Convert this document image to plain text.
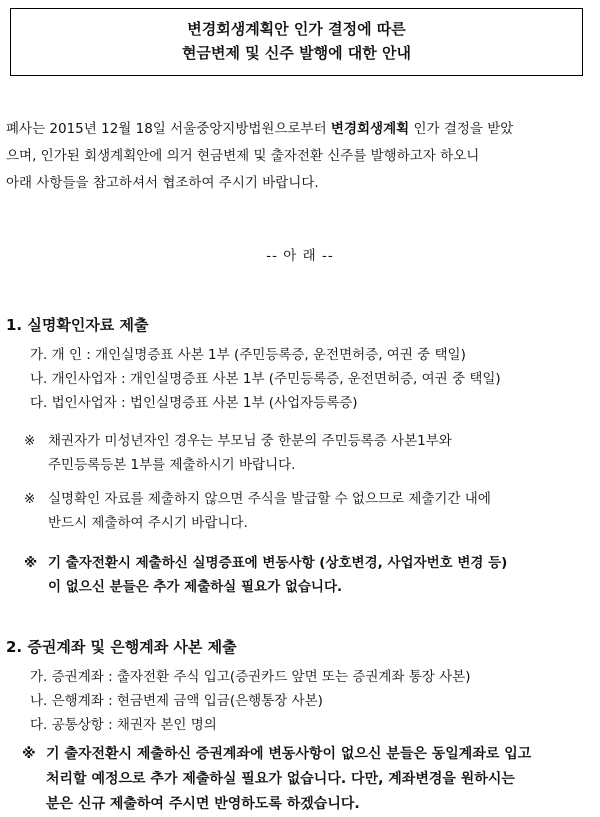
변경회생계획안 인가 결정에 따른
현금변제 및 신주 발행에 대한 안내
폐사는 2015년 12월 18일 서울중앙지방법원으로부터 변경회생계획 인가 결정을 받았
으며, 인가된 회생계획안에 의거 현금변제 및 출자전환 신주를 발행하고자 하오니
아래 사항들을 참고하셔서 협조하여 주시기 바랍니다.
-- 아 래 --
1. 실명확인자료 제출
가. 개 인 : 개인실명증표 사본 1부 (주민등록증, 운전면허증, 여권 중 택일)
나. 개인사업자 : 개인실명증표 사본 1부 (주민등록증, 운전면허증, 여권 중 택일)
다. 법인사업자 : 법인실명증표 사본 1부 (사업자등록증)
※ 채권자가 미성년자인 경우는 부모님 중 한분의 주민등록증 사본1부와
주민등록등본 1부를 제출하시기 바랍니다.
※ 실명확인 자료를 제출하지 않으면 주식을 발급할 수 없으므로 제출기간 내에
반드시 제출하여 주시기 바랍니다.
※ 기 출자전환시 제출하신 실명증표에 변동사항 (상호변경, 사업자번호 변경 등)
이 없으신 분들은 추가 제출하실 필요가 없습니다.
2. 증권계좌 및 은행계좌 사본 제출
가. 증권계좌 : 출자전환 주식 입고(증권카드 앞면 또는 증권계좌 통장 사본)
나. 은행계좌 : 현금변제 금액 입금(은행통장 사본)
다. 공통상항 : 채권자 본인 명의
※ 기 출자전환시 제출하신 증권계좌에 변동사항이 없으신 분들은 동일계좌로 입고
처리할 예정으로 추가 제출하실 필요가 없습니다. 다만, 계좌변경을 원하시는
분은 신규 제출하여 주시면 반영하도록 하겠습니다.
